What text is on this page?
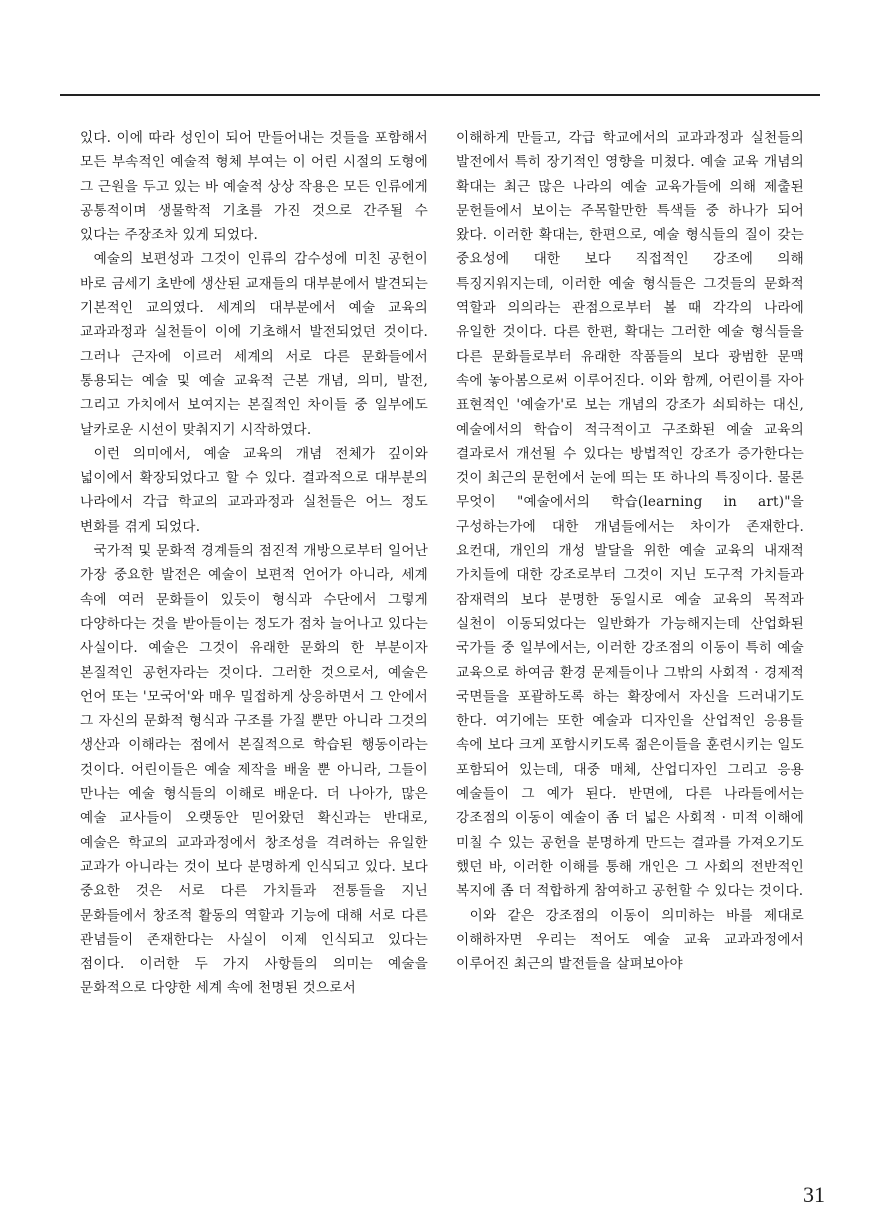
있다. 이에 따라 성인이 되어 만들어내는 것들을 포함해서 모든 부속적인 예술적 형체 부여는 이 어린 시절의 도형에 그 근원을 두고 있는 바 예술적 상상 작용은 모든 인류에게 공통적이며 생물학적 기초를 가진 것으로 간주될 수 있다는 주장조차 있게 되었다.

예술의 보편성과 그것이 인류의 감수성에 미친 공헌이 바로 금세기 초반에 생산된 교재들의 대부분에서 발견되는 기본적인 교의였다. 세계의 대부분에서 예술 교육의 교과과정과 실천들이 이에 기초해서 발전되었던 것이다. 그러나 근자에 이르러 세계의 서로 다른 문화들에서 통용되는 예술 및 예술 교육적 근본 개념, 의미, 발전, 그리고 가치에서 보여지는 본질적인 차이들 중 일부에도 날카로운 시선이 맞춰지기 시작하였다.

이런 의미에서, 예술 교육의 개념 전체가 깊이와 넓이에서 확장되었다고 할 수 있다. 결과적으로 대부분의 나라에서 각급 학교의 교과과정과 실천들은 어느 정도 변화를 겪게 되었다.

국가적 및 문화적 경계들의 점진적 개방으로부터 일어난 가장 중요한 발전은 예술이 보편적 언어가 아니라, 세계 속에 여러 문화들이 있듯이 형식과 수단에서 그렇게 다양하다는 것을 받아들이는 정도가 점차 늘어나고 있다는 사실이다. 예술은 그것이 유래한 문화의 한 부분이자 본질적인 공헌자라는 것이다. 그러한 것으로서, 예술은 언어 또는 '모국어'와 매우 밀접하게 상응하면서 그 안에서 그 자신의 문화적 형식과 구조를 가질 뿐만 아니라 그것의 생산과 이해라는 점에서 본질적으로 학습된 행동이라는 것이다. 어린이들은 예술 제작을 배울 뿐 아니라, 그들이 만나는 예술 형식들의 이해로 배운다. 더 나아가, 많은 예술 교사들이 오랫동안 믿어왔던 확신과는 반대로, 예술은 학교의 교과과정에서 창조성을 격려하는 유일한 교과가 아니라는 것이 보다 분명하게 인식되고 있다. 보다 중요한 것은 서로 다른 가치들과 전통들을 지닌 문화들에서 창조적 활동의 역할과 기능에 대해 서로 다른 관념들이 존재한다는 사실이 이제 인식되고 있다는 점이다. 이러한 두 가지 사항들의 의미는 예술을 문화적으로 다양한 세계 속에 천명된 것으로서

이해하게 만들고, 각급 학교에서의 교과과정과 실천들의 발전에서 특히 장기적인 영향을 미쳤다. 예술 교육 개념의 확대는 최근 많은 나라의 예술 교육가들에 의해 제출된 문헌들에서 보이는 주목할만한 특색들 중 하나가 되어 왔다. 이러한 확대는, 한편으로, 예술 형식들의 질이 갖는 중요성에 대한 보다 직접적인 강조에 의해 특징지워지는데, 이러한 예술 형식들은 그것들의 문화적 역할과 의의라는 관점으로부터 볼 때 각각의 나라에 유일한 것이다. 다른 한편, 확대는 그러한 예술 형식들을 다른 문화들로부터 유래한 작품들의 보다 광범한 문맥 속에 놓아봄으로써 이루어진다. 이와 함께, 어린이를 자아 표현적인 '예술가'로 보는 개념의 강조가 쇠퇴하는 대신, 예술에서의 학습이 적극적이고 구조화된 예술 교육의 결과로서 개선될 수 있다는 방법적인 강조가 증가한다는 것이 최근의 문헌에서 눈에 띄는 또 하나의 특징이다. 물론 무엇이 "예술에서의 학습(learning in art)"을 구성하는가에 대한 개념들에서는 차이가 존재한다. 요컨대, 개인의 개성 발달을 위한 예술 교육의 내재적 가치들에 대한 강조로부터 그것이 지닌 도구적 가치들과 잠재력의 보다 분명한 동일시로 예술 교육의 목적과 실천이 이동되었다는 일반화가 가능해지는데 산업화된 국가들 중 일부에서는, 이러한 강조점의 이동이 특히 예술 교육으로 하여금 환경 문제들이나 그밖의 사회적 · 경제적 국면들을 포괄하도록 하는 확장에서 자신을 드러내기도 한다. 여기에는 또한 예술과 디자인을 산업적인 응용들 속에 보다 크게 포함시키도록 젊은이들을 훈련시키는 일도 포함되어 있는데, 대중 매체, 산업디자인 그리고 응용 예술들이 그 예가 된다. 반면에, 다른 나라들에서는 강조점의 이동이 예술이 좀 더 넓은 사회적 · 미적 이해에 미칠 수 있는 공헌을 분명하게 만드는 결과를 가져오기도 했던 바, 이러한 이해를 통해 개인은 그 사회의 전반적인 복지에 좀 더 적합하게 참여하고 공헌할 수 있다는 것이다.

이와 같은 강조점의 이동이 의미하는 바를 제대로 이해하자면 우리는 적어도 예술 교육 교과과정에서 이루어진 최근의 발전들을 살펴보아야

31
